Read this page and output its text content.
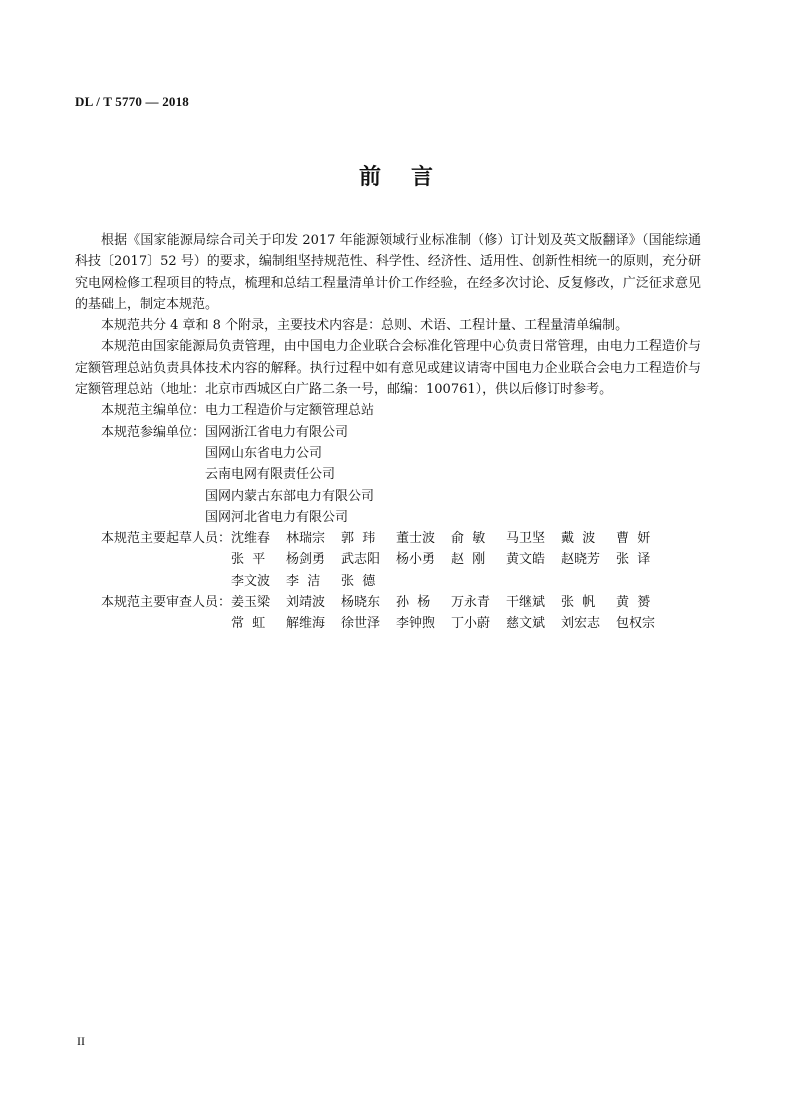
DL / T 5770 — 2018
前言

根据《国家能源局综合司关于印发 2017 年能源领域行业标准制（修）订计划及英文版翻译》（国能综通科技〔2017〕52 号）的要求，编制组坚持规范性、科学性、经济性、适用性、创新性相统一的原则，充分研究电网检修工程项目的特点，梳理和总结工程量清单计价工作经验，在经多次讨论、反复修改，广泛征求意见的基础上，制定本规范。

本规范共分 4 章和 8 个附录，主要技术内容是：总则、术语、工程计量、工程量清单编制。

本规范由国家能源局负责管理，由中国电力企业联合会标准化管理中心负责日常管理，由电力工程造价与定额管理总站负责具体技术内容的解释。执行过程中如有意见或建议请寄中国电力企业联合会电力工程造价与定额管理总站（地址：北京市西城区白广路二条一号，邮编：100761），供以后修订时参考。

本规范主编单位： 电力工程造价与定额管理总站
本规范参编单位： 国网浙江省电力有限公司
国网山东省电力公司
云南电网有限责任公司
国网内蒙古东部电力有限公司
国网河北省电力有限公司
本规范主要起草人员： 沈维春	林瑞宗	郭  玮	董士波	俞  敏	马卫坚	戴  波	曹  妍
张  平	杨剑勇	武志阳	杨小勇	赵  刚	黄文皓	赵晓芳	张  译
李文波	李  洁	张  德
本规范主要审查人员： 姜玉梁	刘靖波	杨晓东	孙  杨	万永青	干继斌	张  帆	黄  赟
常  虹	解维海	徐世泽	李钟煦	丁小蔚	慈文斌	刘宏志	包权宗
II
